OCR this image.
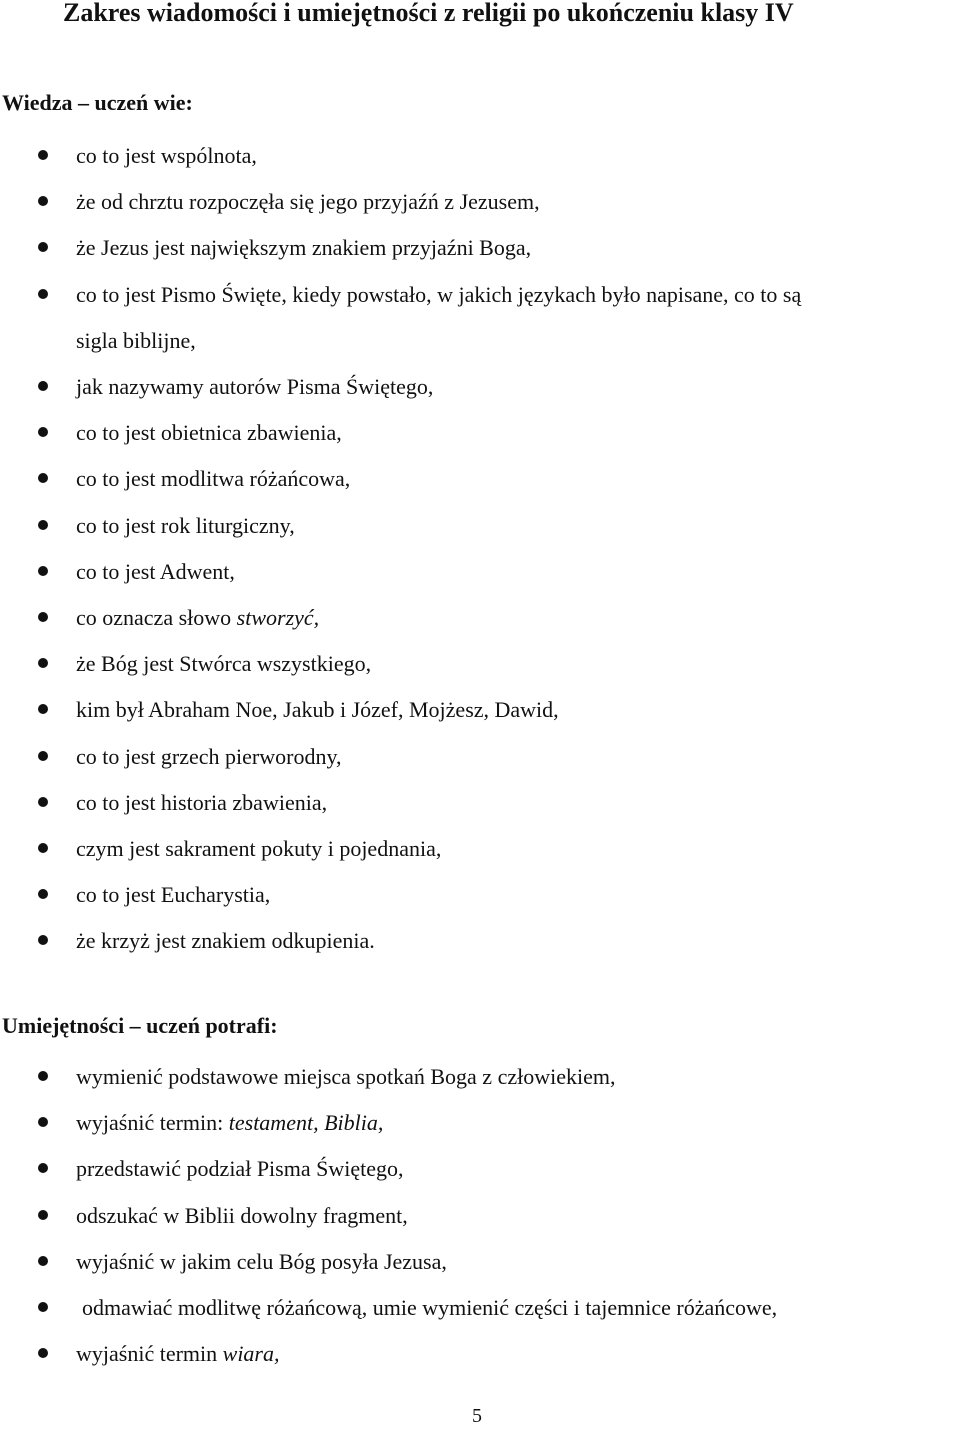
Zakres wiadomości i umiejętności z religii po ukończeniu klasy IV
Wiedza – uczeń wie:
co to jest wspólnota,
że od chrztu rozpoczęła się jego przyjaźń z Jezusem,
że Jezus jest największym znakiem przyjaźni Boga,
co to jest Pismo Święte, kiedy powstało, w jakich językach było napisane, co to są
sigla biblijne,
jak nazywamy autorów Pisma Świętego,
co to jest obietnica zbawienia,
co to jest modlitwa różańcowa,
co to jest rok liturgiczny,
co to jest Adwent,
co oznacza słowo stworzyć,
że Bóg jest Stwórca wszystkiego,
kim był Abraham Noe, Jakub i Józef, Mojżesz, Dawid,
co to jest grzech pierworodny,
co to jest historia zbawienia,
czym jest sakrament pokuty i pojednania,
co to jest Eucharystia,
że krzyż jest znakiem odkupienia.
Umiejętności – uczeń potrafi:
wymienić podstawowe miejsca spotkań Boga z człowiekiem,
wyjaśnić termin: testament, Biblia,
przedstawić podział Pisma Świętego,
odszukać w Biblii dowolny fragment,
wyjaśnić w jakim celu Bóg posyła Jezusa,
odmawiać modlitwę różańcową, umie wymienić części i tajemnice różańcowe,
wyjaśnić termin wiara,
5
